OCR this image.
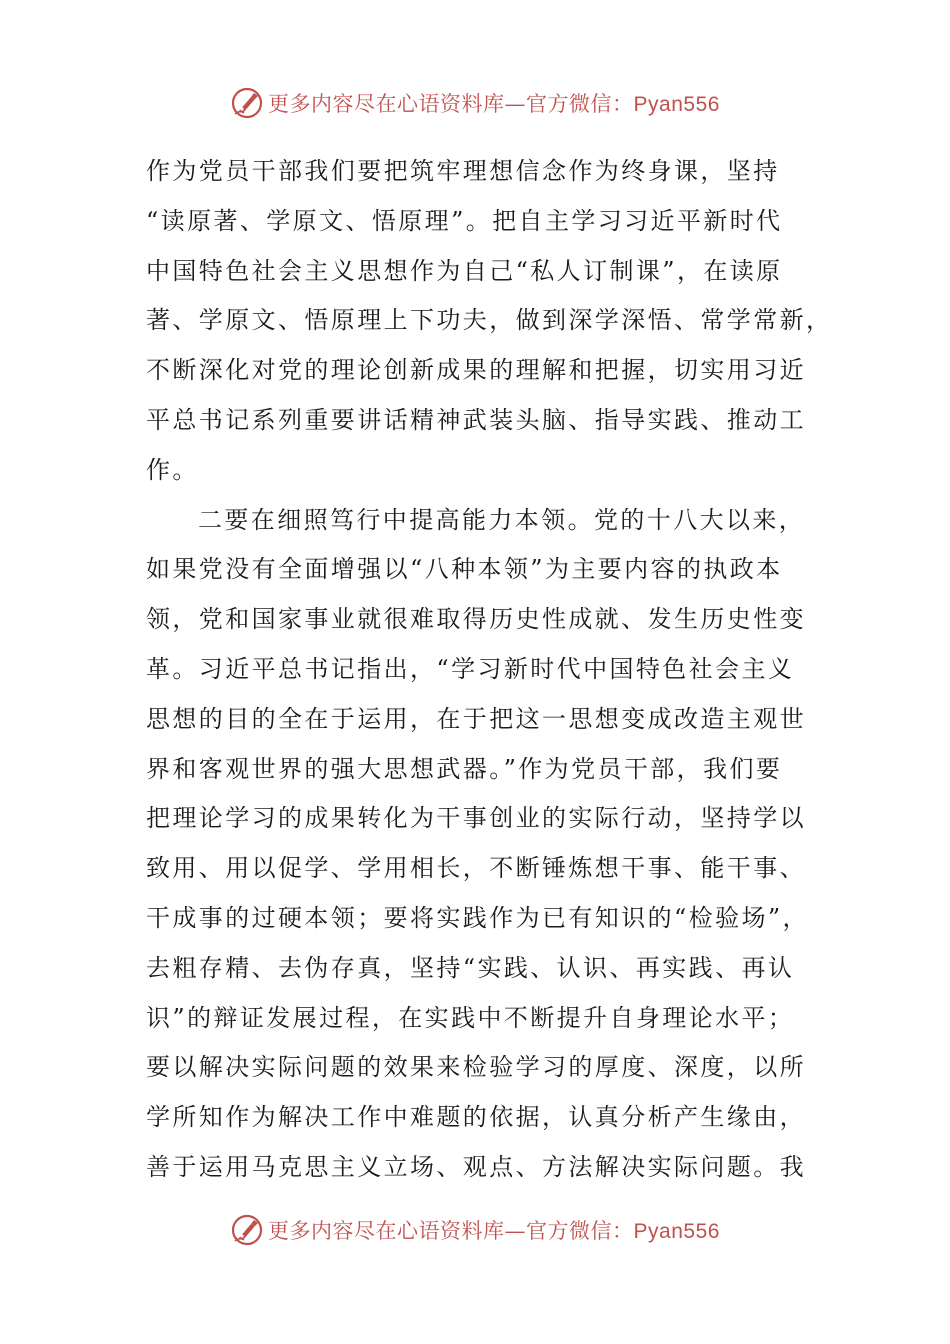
更多内容尽在心语资料库—官方微信：Pyan556
作为党员干部我们要把筑牢理想信念作为终身课，坚持
“读原著、学原文、悟原理”。把自主学习习近平新时代
中国特色社会主义思想作为自己“私人订制课”，在读原
著、学原文、悟原理上下功夫，做到深学深悟、常学常新，
不断深化对党的理论创新成果的理解和把握，切实用习近
平总书记系列重要讲话精神武装头脑、指导实践、推动工
作。
二要在细照笃行中提高能力本领。党的十八大以来，
如果党没有全面增强以“八种本领”为主要内容的执政本
领，党和国家事业就很难取得历史性成就、发生历史性变
革。习近平总书记指出，“学习新时代中国特色社会主义
思想的目的全在于运用，在于把这一思想变成改造主观世
界和客观世界的强大思想武器。”作为党员干部，我们要
把理论学习的成果转化为干事创业的实际行动，坚持学以
致用、用以促学、学用相长，不断锤炼想干事、能干事、
干成事的过硬本领；要将实践作为已有知识的“检验场”，
去粗存精、去伪存真，坚持“实践、认识、再实践、再认
识”的辩证发展过程，在实践中不断提升自身理论水平；
要以解决实际问题的效果来检验学习的厚度、深度，以所
学所知作为解决工作中难题的依据，认真分析产生缘由，
善于运用马克思主义立场、观点、方法解决实际问题。我
更多内容尽在心语资料库—官方微信：Pyan556
